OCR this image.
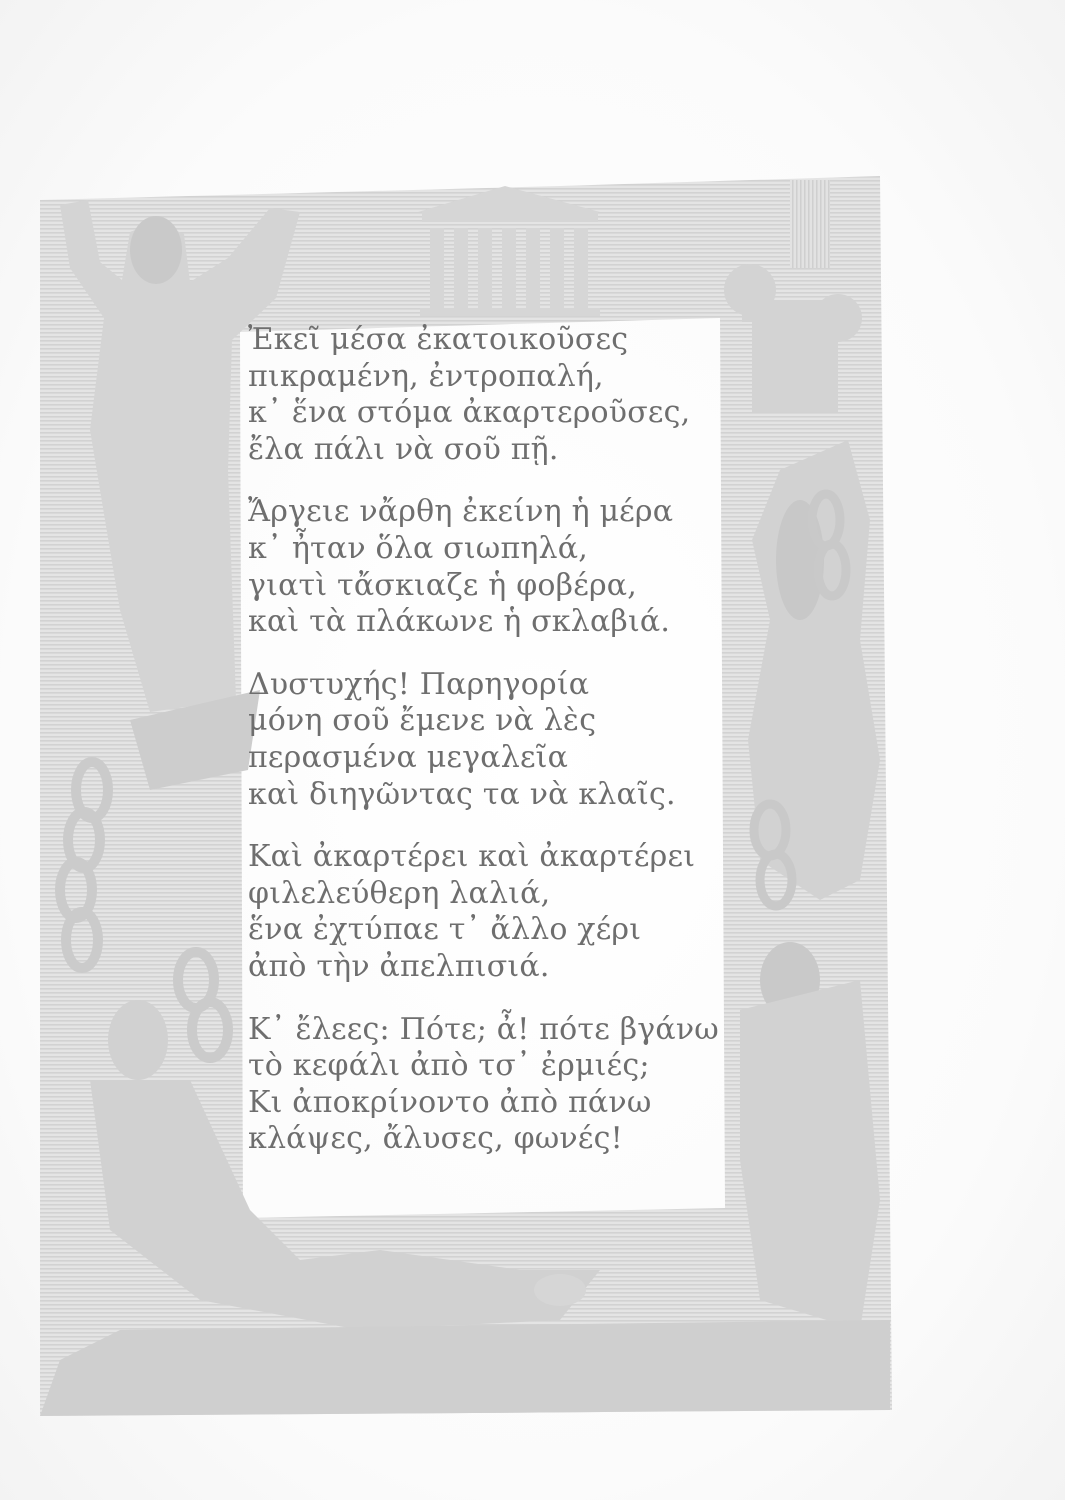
Ἐκεῖ μέσα ἐκατοικοῦσες
πικραμένη, ἐντροπαλή,
κ᾿ ἕνα στόμα ἀκαρτεροῦσες,
ἔλα πάλι νὰ σοῦ πῇ.
Ἄργειε νἄρθη ἐκείνη ἡ μέρα
κ᾿ ἦταν ὅλα σιωπηλά,
γιατὶ τἄσκιαζε ἡ φοβέρα,
καὶ τὰ πλάκωνε ἡ σκλαβιά.
Δυστυχής! Παρηγορία
μόνη σοῦ ἔμενε νὰ λὲς
περασμένα μεγαλεῖα
καὶ διηγῶντας τα νὰ κλαῖς.
Καὶ ἀκαρτέρει καὶ ἀκαρτέρει
φιλελεύθερη λαλιά,
ἕνα ἐχτύπαε τ᾿ ἄλλο χέρι
ἀπὸ τὴν ἀπελπισιά.
Κ᾿ ἔλεες: Πότε; ἆ! πότε βγάνω
τὸ κεφάλι ἀπὸ τσ᾿ ἐρμιές;
Κι ἀποκρίνοντο ἀπὸ πάνω
κλάψες, ἄλυσες, φωνές!
